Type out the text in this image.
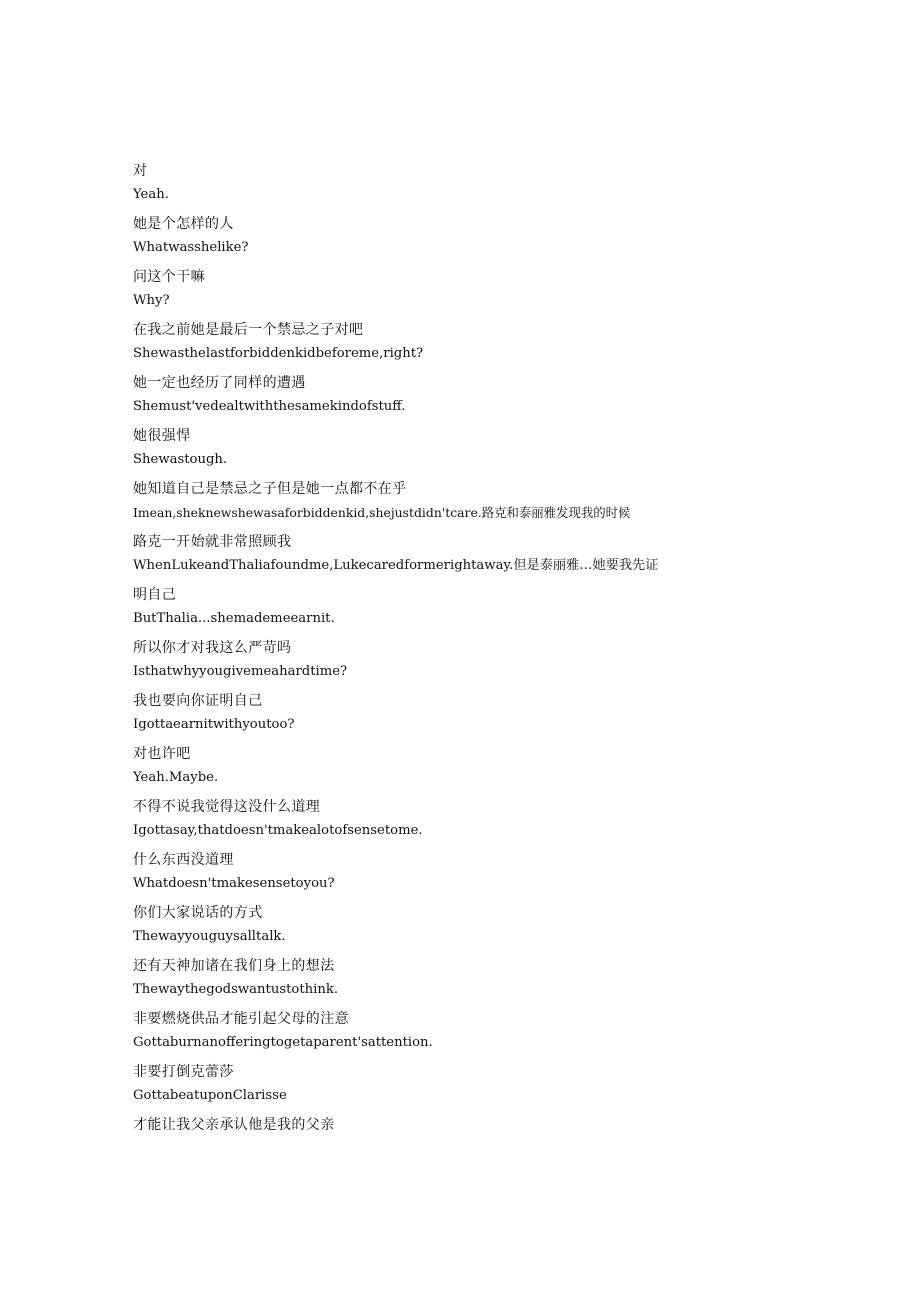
对
Yeah.
她是个怎样的人
Whatwasshelike?
问这个干嘛
Why?
在我之前她是最后一个禁忌之子对吧
Shewasthelastforbiddenkidbeforeme,right?
她一定也经历了同样的遭遇
Shemust'vedealtwiththesamekindofstuff.
她很强悍
Shewastough.
她知道自己是禁忌之子但是她一点都不在乎
Imean,sheknewshewasaforbiddenkid,shejustdidn'tcare.路克和泰丽雅发现我的时候
路克一开始就非常照顾我
WhenLukeandThaliafoundme,Lukecaredformerightaway.但是泰丽雅…她要我先证
明自己
ButThalia...shemademeearnit.
所以你才对我这么严苛吗
Isthatwhyyougivemeahardtime?
我也要向你证明自己
Igottaearnitwithyoutoo?
对也许吧
Yeah.Maybe.
不得不说我觉得这没什么道理
Igottasay,thatdoesn'tmakealotofsensetome.
什么东西没道理
Whatdoesn'tmakesensetoyou?
你们大家说话的方式
Thewayyouguysalltalk.
还有天神加诸在我们身上的想法
Thewaythegodswantustothink.
非要燃烧供品才能引起父母的注意
Gottaburnanofferingtogetaparent'sattention.
非要打倒克蕾莎
GottabeatuponClarisse
才能让我父亲承认他是我的父亲
